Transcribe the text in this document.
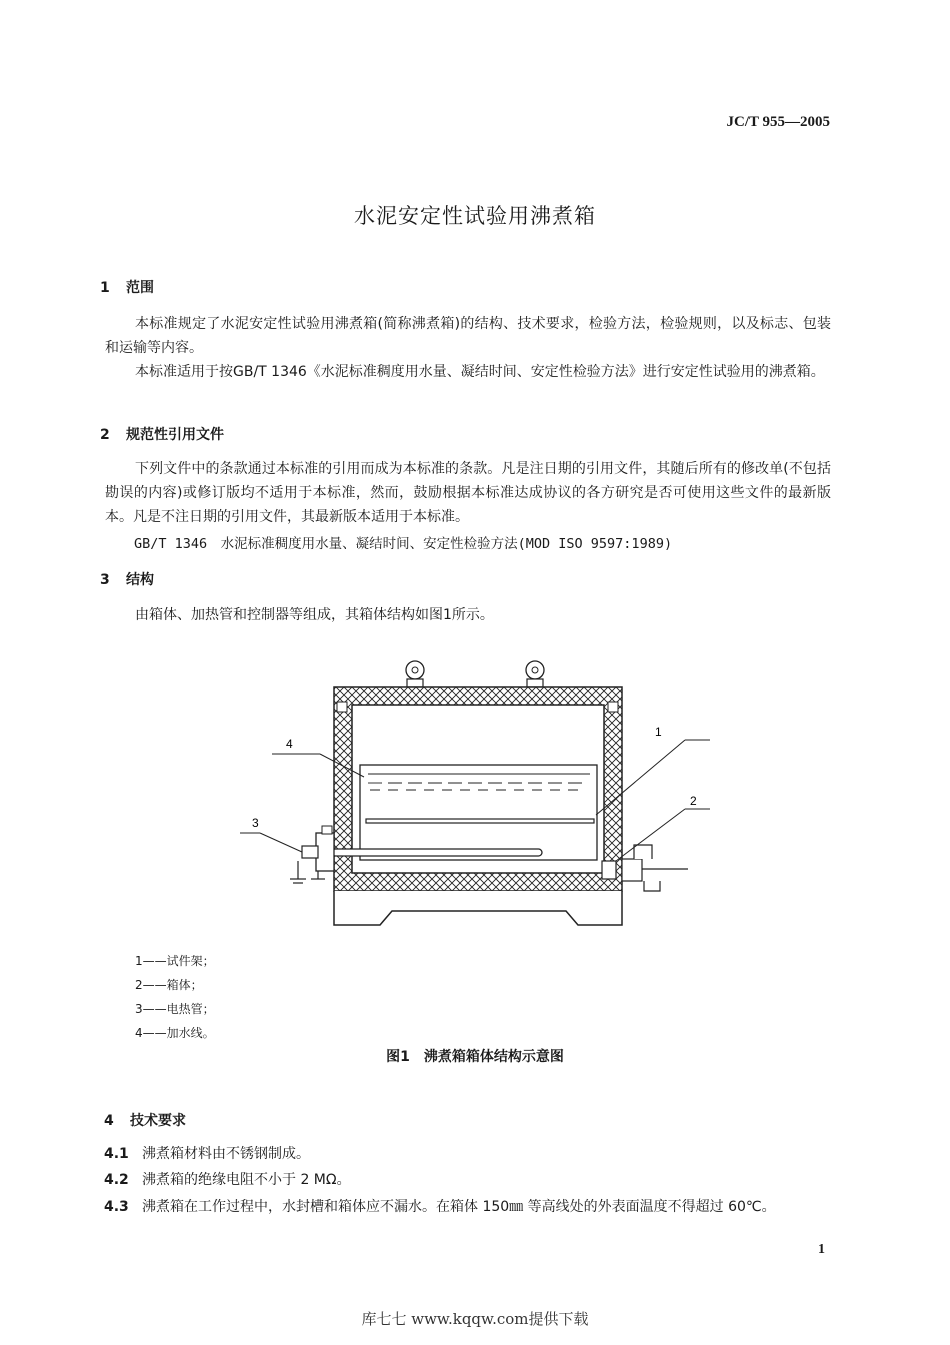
JC/T 955—2005
水泥安定性试验用沸煮箱
1 范围

本标准规定了水泥安定性试验用沸煮箱(简称沸煮箱)的结构、技术要求，检验方法，检验规则，以及标志、包装和运输等内容。

本标准适用于按GB/T 1346《水泥标准稠度用水量、凝结时间、安定性检验方法》进行安定性试验用的沸煮箱。

2 规范性引用文件

下列文件中的条款通过本标准的引用而成为本标准的条款。凡是注日期的引用文件，其随后所有的修改单(不包括勘误的内容)或修订版均不适用于本标准，然而，鼓励根据本标准达成协议的各方研究是否可使用这些文件的最新版本。凡是不注日期的引用文件，其最新版本适用于本标准。

GB/T 1346　水泥标准稠度用水量、凝结时间、安定性检验方法(MOD ISO 9597:1989)
3 结构
由箱体、加热管和控制器等组成，其箱体结构如图1所示。
4
3
1
2
1——试件架；
2——箱体；
3——电热管；
4——加水线。
图1　沸煮箱箱体结构示意图
4 技术要求
4.1 沸煮箱材料由不锈钢制成。
4.2 沸煮箱的绝缘电阻不小于 2 MΩ。
4.3 沸煮箱在工作过程中，水封槽和箱体应不漏水。在箱体 150㎜ 等高线处的外表面温度不得超过 60℃。
1
库七七 www.kqqw.com提供下载
